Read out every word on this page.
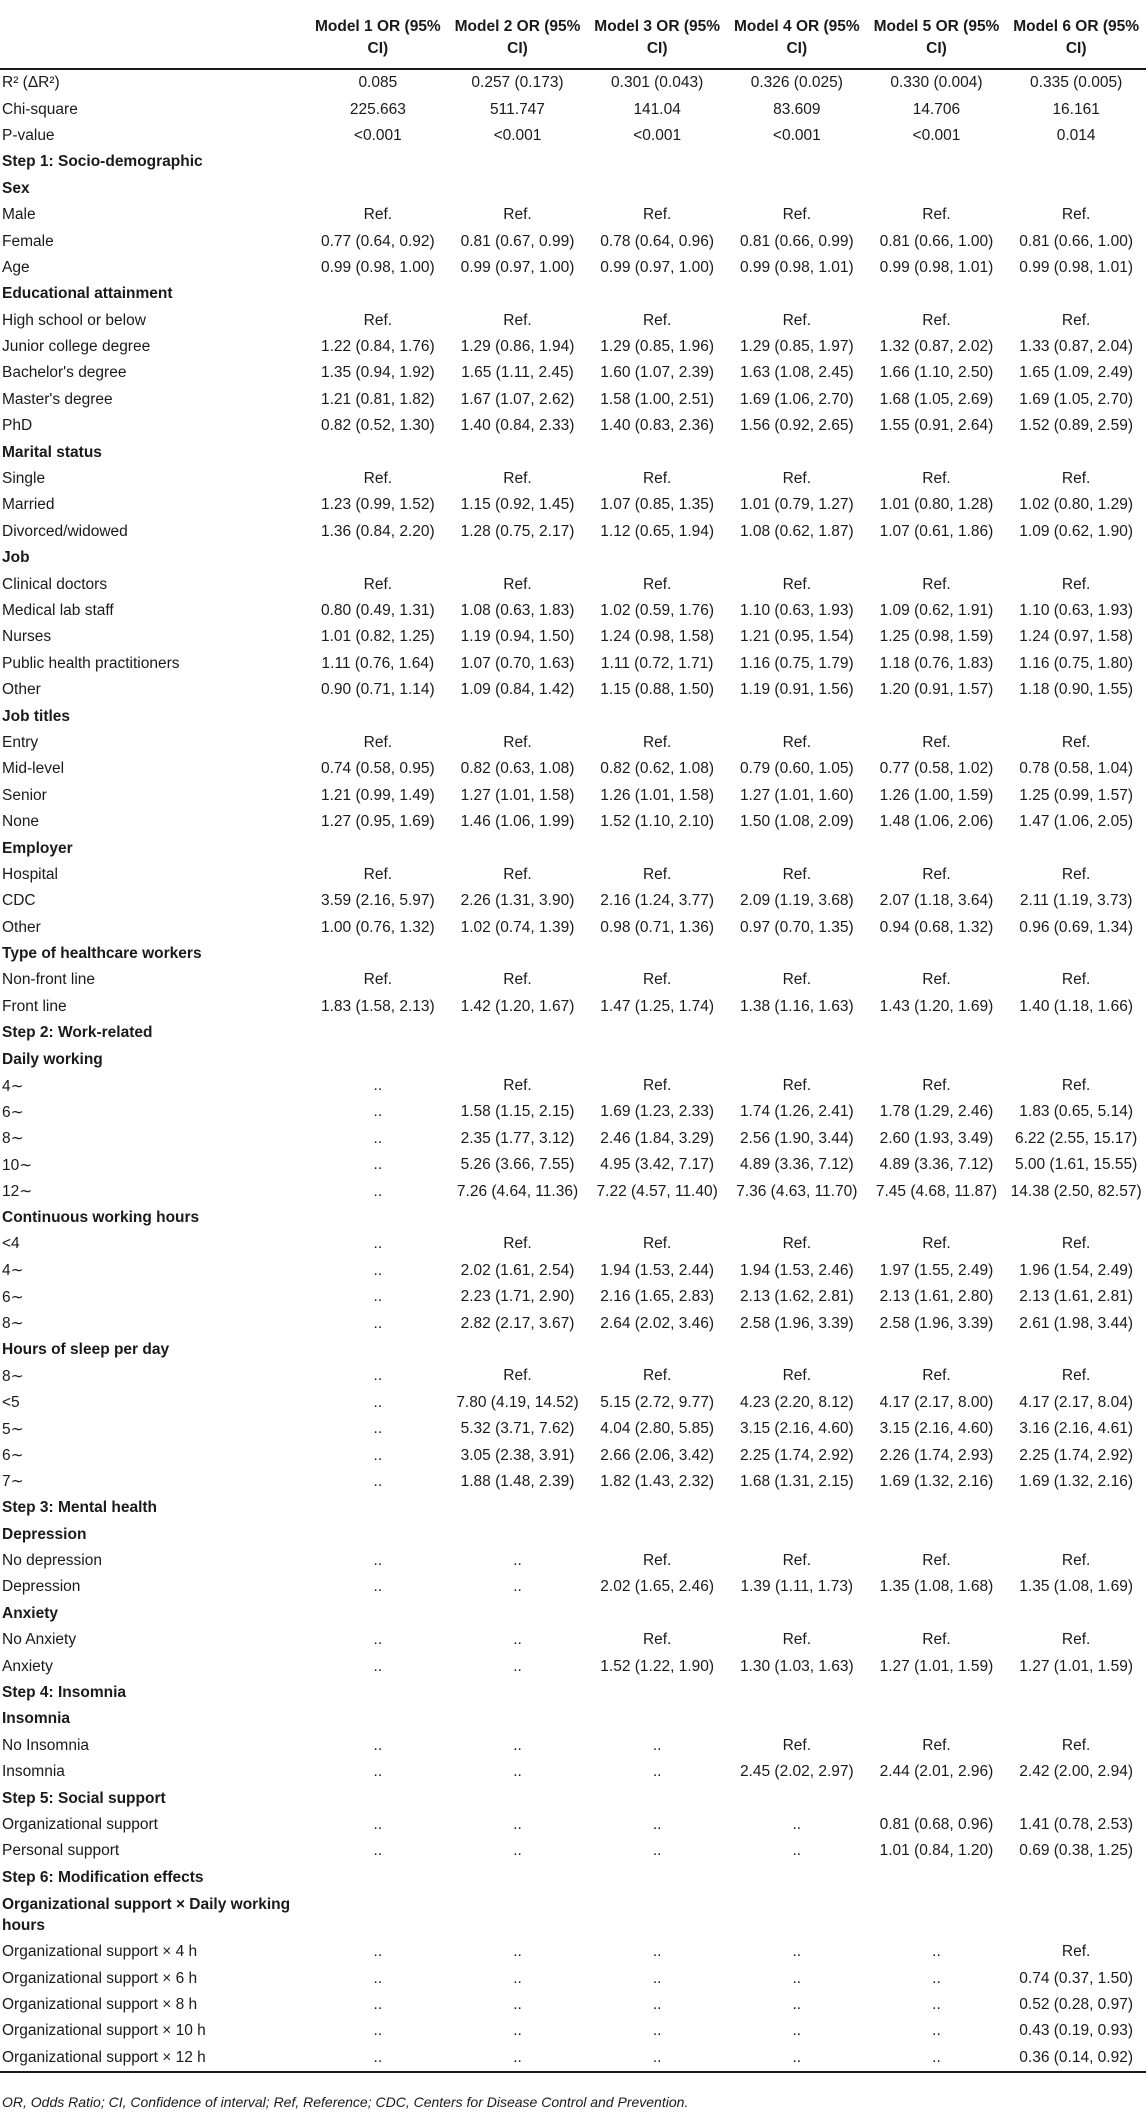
	Model 1 OR (95% CI)	Model 2 OR (95% CI)	Model 3 OR (95% CI)	Model 4 OR (95% CI)	Model 5 OR (95% CI)	Model 6 OR (95% CI)
R² (ΔR²)	0.085	0.257 (0.173)	0.301 (0.043)	0.326 (0.025)	0.330 (0.004)	0.335 (0.005)
Chi-square	225.663	511.747	141.04	83.609	14.706	16.161
P-value	<0.001	<0.001	<0.001	<0.001	<0.001	0.014
Step 1: Socio-demographic						
Sex						
Male	Ref.	Ref.	Ref.	Ref.	Ref.	Ref.
Female	0.77 (0.64, 0.92)	0.81 (0.67, 0.99)	0.78 (0.64, 0.96)	0.81 (0.66, 0.99)	0.81 (0.66, 1.00)	0.81 (0.66, 1.00)
Age	0.99 (0.98, 1.00)	0.99 (0.97, 1.00)	0.99 (0.97, 1.00)	0.99 (0.98, 1.01)	0.99 (0.98, 1.01)	0.99 (0.98, 1.01)
Educational attainment						
High school or below	Ref.	Ref.	Ref.	Ref.	Ref.	Ref.
Junior college degree	1.22 (0.84, 1.76)	1.29 (0.86, 1.94)	1.29 (0.85, 1.96)	1.29 (0.85, 1.97)	1.32 (0.87, 2.02)	1.33 (0.87, 2.04)
Bachelor's degree	1.35 (0.94, 1.92)	1.65 (1.11, 2.45)	1.60 (1.07, 2.39)	1.63 (1.08, 2.45)	1.66 (1.10, 2.50)	1.65 (1.09, 2.49)
Master's degree	1.21 (0.81, 1.82)	1.67 (1.07, 2.62)	1.58 (1.00, 2.51)	1.69 (1.06, 2.70)	1.68 (1.05, 2.69)	1.69 (1.05, 2.70)
PhD	0.82 (0.52, 1.30)	1.40 (0.84, 2.33)	1.40 (0.83, 2.36)	1.56 (0.92, 2.65)	1.55 (0.91, 2.64)	1.52 (0.89, 2.59)
Marital status						
Single	Ref.	Ref.	Ref.	Ref.	Ref.	Ref.
Married	1.23 (0.99, 1.52)	1.15 (0.92, 1.45)	1.07 (0.85, 1.35)	1.01 (0.79, 1.27)	1.01 (0.80, 1.28)	1.02 (0.80, 1.29)
Divorced/widowed	1.36 (0.84, 2.20)	1.28 (0.75, 2.17)	1.12 (0.65, 1.94)	1.08 (0.62, 1.87)	1.07 (0.61, 1.86)	1.09 (0.62, 1.90)
Job						
Clinical doctors	Ref.	Ref.	Ref.	Ref.	Ref.	Ref.
Medical lab staff	0.80 (0.49, 1.31)	1.08 (0.63, 1.83)	1.02 (0.59, 1.76)	1.10 (0.63, 1.93)	1.09 (0.62, 1.91)	1.10 (0.63, 1.93)
Nurses	1.01 (0.82, 1.25)	1.19 (0.94, 1.50)	1.24 (0.98, 1.58)	1.21 (0.95, 1.54)	1.25 (0.98, 1.59)	1.24 (0.97, 1.58)
Public health practitioners	1.11 (0.76, 1.64)	1.07 (0.70, 1.63)	1.11 (0.72, 1.71)	1.16 (0.75, 1.79)	1.18 (0.76, 1.83)	1.16 (0.75, 1.80)
Other	0.90 (0.71, 1.14)	1.09 (0.84, 1.42)	1.15 (0.88, 1.50)	1.19 (0.91, 1.56)	1.20 (0.91, 1.57)	1.18 (0.90, 1.55)
Job titles						
Entry	Ref.	Ref.	Ref.	Ref.	Ref.	Ref.
Mid-level	0.74 (0.58, 0.95)	0.82 (0.63, 1.08)	0.82 (0.62, 1.08)	0.79 (0.60, 1.05)	0.77 (0.58, 1.02)	0.78 (0.58, 1.04)
Senior	1.21 (0.99, 1.49)	1.27 (1.01, 1.58)	1.26 (1.01, 1.58)	1.27 (1.01, 1.60)	1.26 (1.00, 1.59)	1.25 (0.99, 1.57)
None	1.27 (0.95, 1.69)	1.46 (1.06, 1.99)	1.52 (1.10, 2.10)	1.50 (1.08, 2.09)	1.48 (1.06, 2.06)	1.47 (1.06, 2.05)
Employer						
Hospital	Ref.	Ref.	Ref.	Ref.	Ref.	Ref.
CDC	3.59 (2.16, 5.97)	2.26 (1.31, 3.90)	2.16 (1.24, 3.77)	2.09 (1.19, 3.68)	2.07 (1.18, 3.64)	2.11 (1.19, 3.73)
Other	1.00 (0.76, 1.32)	1.02 (0.74, 1.39)	0.98 (0.71, 1.36)	0.97 (0.70, 1.35)	0.94 (0.68, 1.32)	0.96 (0.69, 1.34)
Type of healthcare workers						
Non-front line	Ref.	Ref.	Ref.	Ref.	Ref.	Ref.
Front line	1.83 (1.58, 2.13)	1.42 (1.20, 1.67)	1.47 (1.25, 1.74)	1.38 (1.16, 1.63)	1.43 (1.20, 1.69)	1.40 (1.18, 1.66)
Step 2: Work-related						
Daily working						
4∼	..	Ref.	Ref.	Ref.	Ref.	Ref.
6∼	..	1.58 (1.15, 2.15)	1.69 (1.23, 2.33)	1.74 (1.26, 2.41)	1.78 (1.29, 2.46)	1.83 (0.65, 5.14)
8∼	..	2.35 (1.77, 3.12)	2.46 (1.84, 3.29)	2.56 (1.90, 3.44)	2.60 (1.93, 3.49)	6.22 (2.55, 15.17)
10∼	..	5.26 (3.66, 7.55)	4.95 (3.42, 7.17)	4.89 (3.36, 7.12)	4.89 (3.36, 7.12)	5.00 (1.61, 15.55)
12∼	..	7.26 (4.64, 11.36)	7.22 (4.57, 11.40)	7.36 (4.63, 11.70)	7.45 (4.68, 11.87)	14.38 (2.50, 82.57)
Continuous working hours						
<4	..	Ref.	Ref.	Ref.	Ref.	Ref.
4∼	..	2.02 (1.61, 2.54)	1.94 (1.53, 2.44)	1.94 (1.53, 2.46)	1.97 (1.55, 2.49)	1.96 (1.54, 2.49)
6∼	..	2.23 (1.71, 2.90)	2.16 (1.65, 2.83)	2.13 (1.62, 2.81)	2.13 (1.61, 2.80)	2.13 (1.61, 2.81)
8∼	..	2.82 (2.17, 3.67)	2.64 (2.02, 3.46)	2.58 (1.96, 3.39)	2.58 (1.96, 3.39)	2.61 (1.98, 3.44)
Hours of sleep per day						
8∼	..	Ref.	Ref.	Ref.	Ref.	Ref.
<5	..	7.80 (4.19, 14.52)	5.15 (2.72, 9.77)	4.23 (2.20, 8.12)	4.17 (2.17, 8.00)	4.17 (2.17, 8.04)
5∼	..	5.32 (3.71, 7.62)	4.04 (2.80, 5.85)	3.15 (2.16, 4.60)	3.15 (2.16, 4.60)	3.16 (2.16, 4.61)
6∼	..	3.05 (2.38, 3.91)	2.66 (2.06, 3.42)	2.25 (1.74, 2.92)	2.26 (1.74, 2.93)	2.25 (1.74, 2.92)
7∼	..	1.88 (1.48, 2.39)	1.82 (1.43, 2.32)	1.68 (1.31, 2.15)	1.69 (1.32, 2.16)	1.69 (1.32, 2.16)
Step 3: Mental health						
Depression						
No depression	..	..	Ref.	Ref.	Ref.	Ref.
Depression	..	..	2.02 (1.65, 2.46)	1.39 (1.11, 1.73)	1.35 (1.08, 1.68)	1.35 (1.08, 1.69)
Anxiety						
No Anxiety	..	..	Ref.	Ref.	Ref.	Ref.
Anxiety	..	..	1.52 (1.22, 1.90)	1.30 (1.03, 1.63)	1.27 (1.01, 1.59)	1.27 (1.01, 1.59)
Step 4: Insomnia						
Insomnia						
No Insomnia	..	..	..	Ref.	Ref.	Ref.
Insomnia	..	..	..	2.45 (2.02, 2.97)	2.44 (2.01, 2.96)	2.42 (2.00, 2.94)
Step 5: Social support						
Organizational support	..	..	..	..	0.81 (0.68, 0.96)	1.41 (0.78, 2.53)
Personal support	..	..	..	..	1.01 (0.84, 1.20)	0.69 (0.38, 1.25)
Step 6: Modification effects						
Organizational support × Daily working hours						
Organizational support × 4 h	..	..	..	..	..	Ref.
Organizational support × 6 h	..	..	..	..	..	0.74 (0.37, 1.50)
Organizational support × 8 h	..	..	..	..	..	0.52 (0.28, 0.97)
Organizational support × 10 h	..	..	..	..	..	0.43 (0.19, 0.93)
Organizational support × 12 h	..	..	..	..	..	0.36 (0.14, 0.92)
OR, Odds Ratio; CI, Confidence of interval; Ref, Reference; CDC, Centers for Disease Control and Prevention.
